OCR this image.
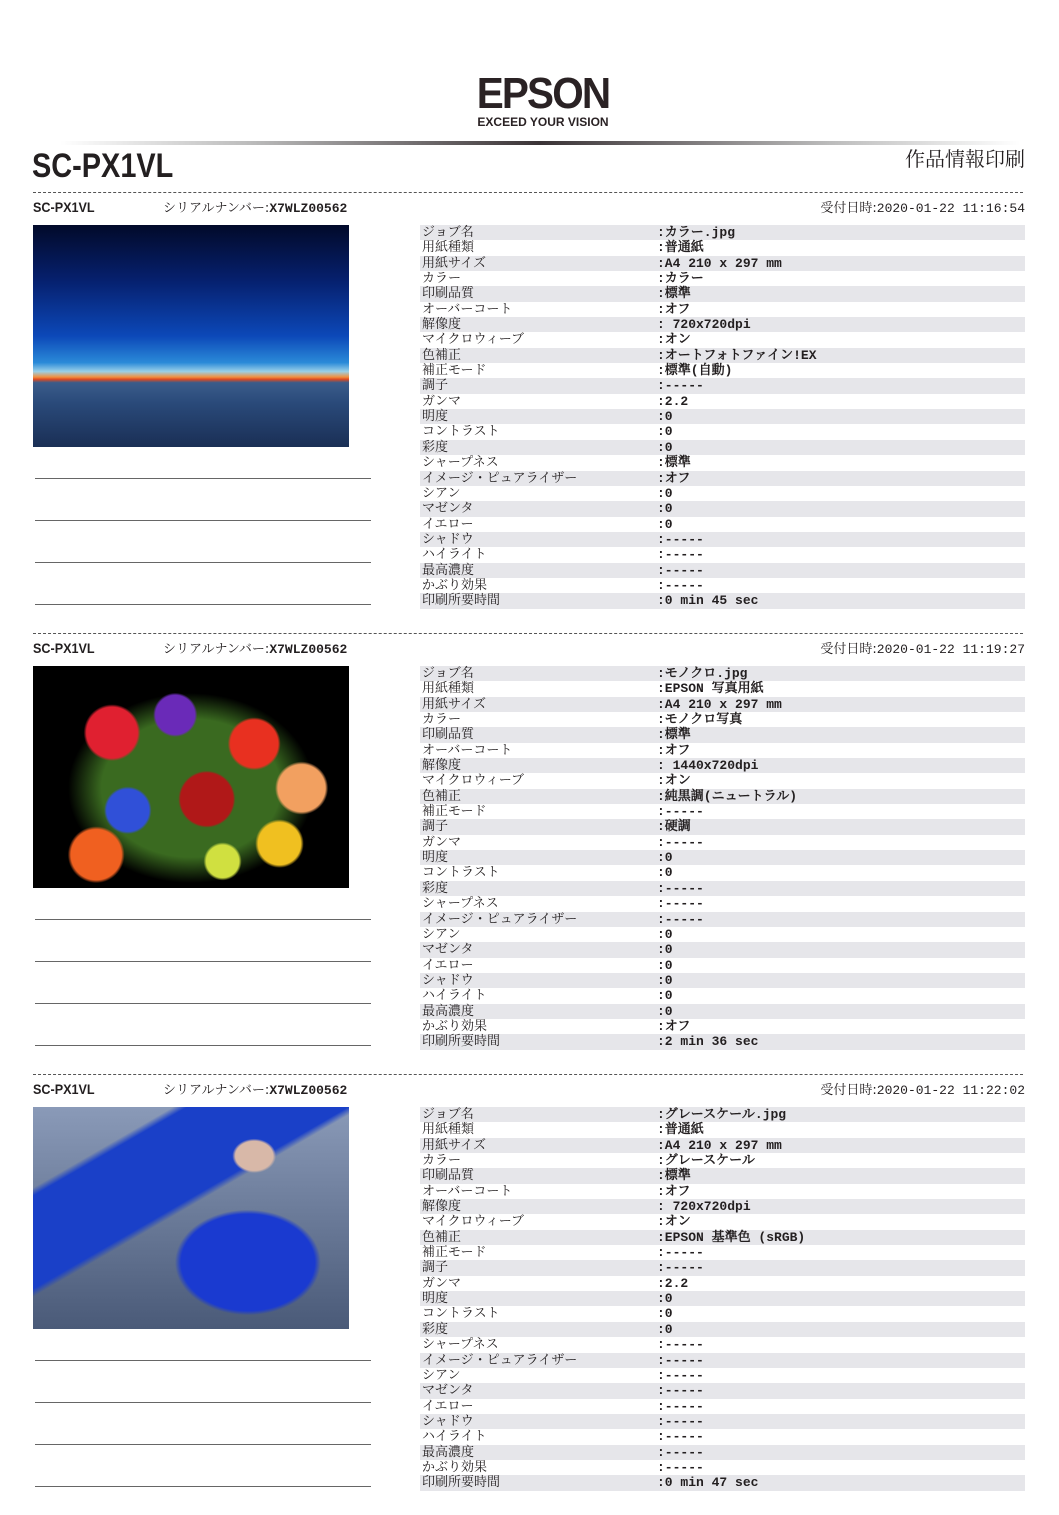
EPSON
EXCEED YOUR VISION
SC-PX1VL	作品情報印刷
SC-PX1VL	シリアルナンバー:X7WLZ00562	受付日時:2020-01-22 11:16:54
ジョブ名	:カラー.jpg
用紙種類	:普通紙
用紙サイズ	:A4 210 x 297 mm
カラー	:カラー
印刷品質	:標準
オーバーコート	:オフ
解像度	: 720x720dpi
マイクロウィーブ	:オン
色補正	:オートフォトファイン!EX
補正モード	:標準(自動)
調子	:-----
ガンマ	:2.2
明度	:0
コントラスト	:0
彩度	:0
シャープネス	:標準
イメージ・ピュアライザー	:オフ
シアン	:0
マゼンタ	:0
イエロー	:0
シャドウ	:-----
ハイライト	:-----
最高濃度	:-----
かぶり効果	:-----
印刷所要時間	:0 min 45 sec
SC-PX1VL	シリアルナンバー:X7WLZ00562	受付日時:2020-01-22 11:19:27
ジョブ名	:モノクロ.jpg
用紙種類	:EPSON 写真用紙
用紙サイズ	:A4 210 x 297 mm
カラー	:モノクロ写真
印刷品質	:標準
オーバーコート	:オフ
解像度	: 1440x720dpi
マイクロウィーブ	:オン
色補正	:純黒調(ニュートラル)
補正モード	:-----
調子	:硬調
ガンマ	:-----
明度	:0
コントラスト	:0
彩度	:-----
シャープネス	:-----
イメージ・ピュアライザー	:-----
シアン	:0
マゼンタ	:0
イエロー	:0
シャドウ	:0
ハイライト	:0
最高濃度	:0
かぶり効果	:オフ
印刷所要時間	:2 min 36 sec
SC-PX1VL	シリアルナンバー:X7WLZ00562	受付日時:2020-01-22 11:22:02
ジョブ名	:グレースケール.jpg
用紙種類	:普通紙
用紙サイズ	:A4 210 x 297 mm
カラー	:グレースケール
印刷品質	:標準
オーバーコート	:オフ
解像度	: 720x720dpi
マイクロウィーブ	:オン
色補正	:EPSON 基準色 (sRGB)
補正モード	:-----
調子	:-----
ガンマ	:2.2
明度	:0
コントラスト	:0
彩度	:0
シャープネス	:-----
イメージ・ピュアライザー	:-----
シアン	:-----
マゼンタ	:-----
イエロー	:-----
シャドウ	:-----
ハイライト	:-----
最高濃度	:-----
かぶり効果	:-----
印刷所要時間	:0 min 47 sec
